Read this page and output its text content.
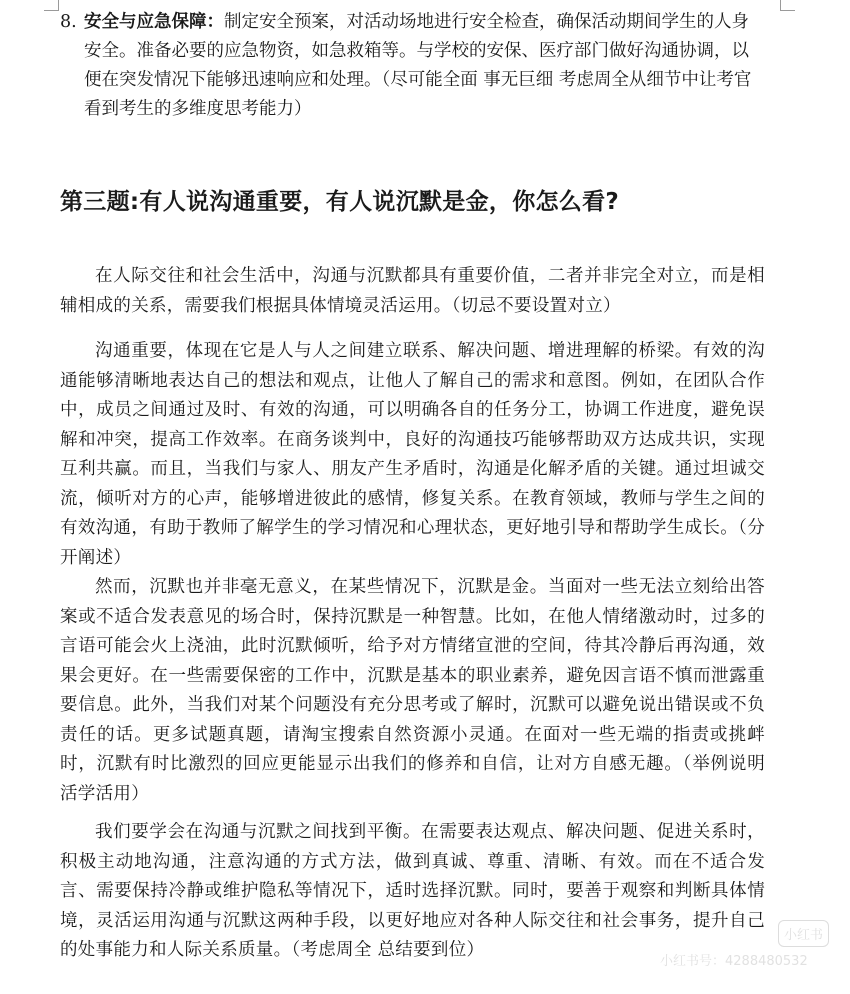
8. 安全与应急保障：制定安全预案，对活动场地进行安全检查，确保活动期间学生的人身安全。准备必要的应急物资，如急救箱等。与学校的安保、医疗部门做好沟通协调，以便在突发情况下能够迅速响应和处理。（尽可能全面 事无巨细 考虑周全从细节中让考官看到考生的多维度思考能力）
第三题:有人说沟通重要，有人说沉默是金，你怎么看?

在人际交往和社会生活中，沟通与沉默都具有重要价值，二者并非完全对立，而是相辅相成的关系，需要我们根据具体情境灵活运用。（切忌不要设置对立）

沟通重要，体现在它是人与人之间建立联系、解决问题、增进理解的桥梁。有效的沟通能够清晰地表达自己的想法和观点，让他人了解自己的需求和意图。例如，在团队合作中，成员之间通过及时、有效的沟通，可以明确各自的任务分工，协调工作进度，避免误解和冲突，提高工作效率。在商务谈判中，良好的沟通技巧能够帮助双方达成共识，实现互利共赢。而且，当我们与家人、朋友产生矛盾时，沟通是化解矛盾的关键。通过坦诚交流，倾听对方的心声，能够增进彼此的感情，修复关系。在教育领域，教师与学生之间的有效沟通，有助于教师了解学生的学习情况和心理状态，更好地引导和帮助学生成长。（分开阐述）

然而，沉默也并非毫无意义，在某些情况下，沉默是金。当面对一些无法立刻给出答案或不适合发表意见的场合时，保持沉默是一种智慧。比如，在他人情绪激动时，过多的言语可能会火上浇油，此时沉默倾听，给予对方情绪宣泄的空间，待其冷静后再沟通，效果会更好。在一些需要保密的工作中，沉默是基本的职业素养，避免因言语不慎而泄露重要信息。此外，当我们对某个问题没有充分思考或了解时，沉默可以避免说出错误或不负责任的话。更多试题真题，请淘宝搜索自然资源小灵通。在面对一些无端的指责或挑衅时，沉默有时比激烈的回应更能显示出我们的修养和自信，让对方自感无趣。（举例说明 活学活用）

我们要学会在沟通与沉默之间找到平衡。在需要表达观点、解决问题、促进关系时，积极主动地沟通，注意沟通的方式方法，做到真诚、尊重、清晰、有效。而在不适合发言、需要保持冷静或维护隐私等情况下，适时选择沉默。同时，要善于观察和判断具体情境，灵活运用沟通与沉默这两种手段，以更好地应对各种人际交往和社会事务，提升自己的处事能力和人际关系质量。（考虑周全 总结要到位）

小红书
小红书号：4288480532
